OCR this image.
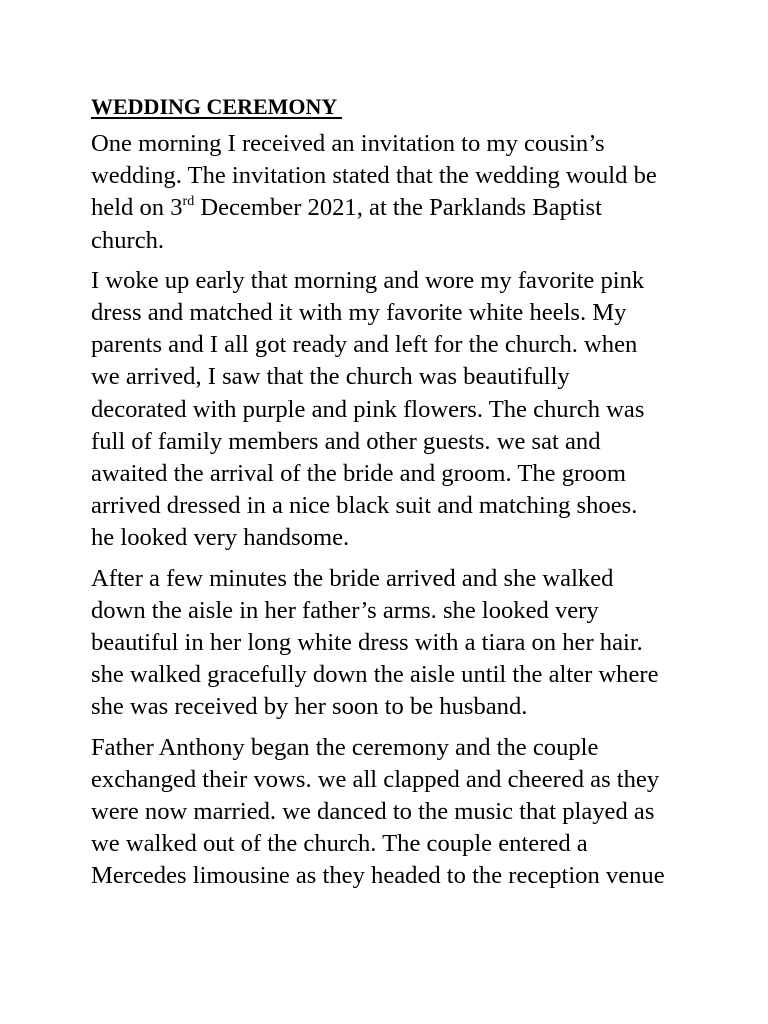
WEDDING CEREMONY
One morning I received an invitation to my cousin’s
wedding. The invitation stated that the wedding would be
held on 3rd December 2021, at the Parklands Baptist
church.
I woke up early that morning and wore my favorite pink
dress and matched it with my favorite white heels. My
parents and I all got ready and left for the church. when
we arrived, I saw that the church was beautifully
decorated with purple and pink flowers. The church was
full of family members and other guests. we sat and
awaited the arrival of the bride and groom. The groom
arrived dressed in a nice black suit and matching shoes.
he looked very handsome.
After a few minutes the bride arrived and she walked
down the aisle in her father’s arms. she looked very
beautiful in her long white dress with a tiara on her hair.
she walked gracefully down the aisle until the alter where
she was received by her soon to be husband.
Father Anthony began the ceremony and the couple
exchanged their vows. we all clapped and cheered as they
were now married. we danced to the music that played as
we walked out of the church. The couple entered a
Mercedes limousine as they headed to the reception venue
